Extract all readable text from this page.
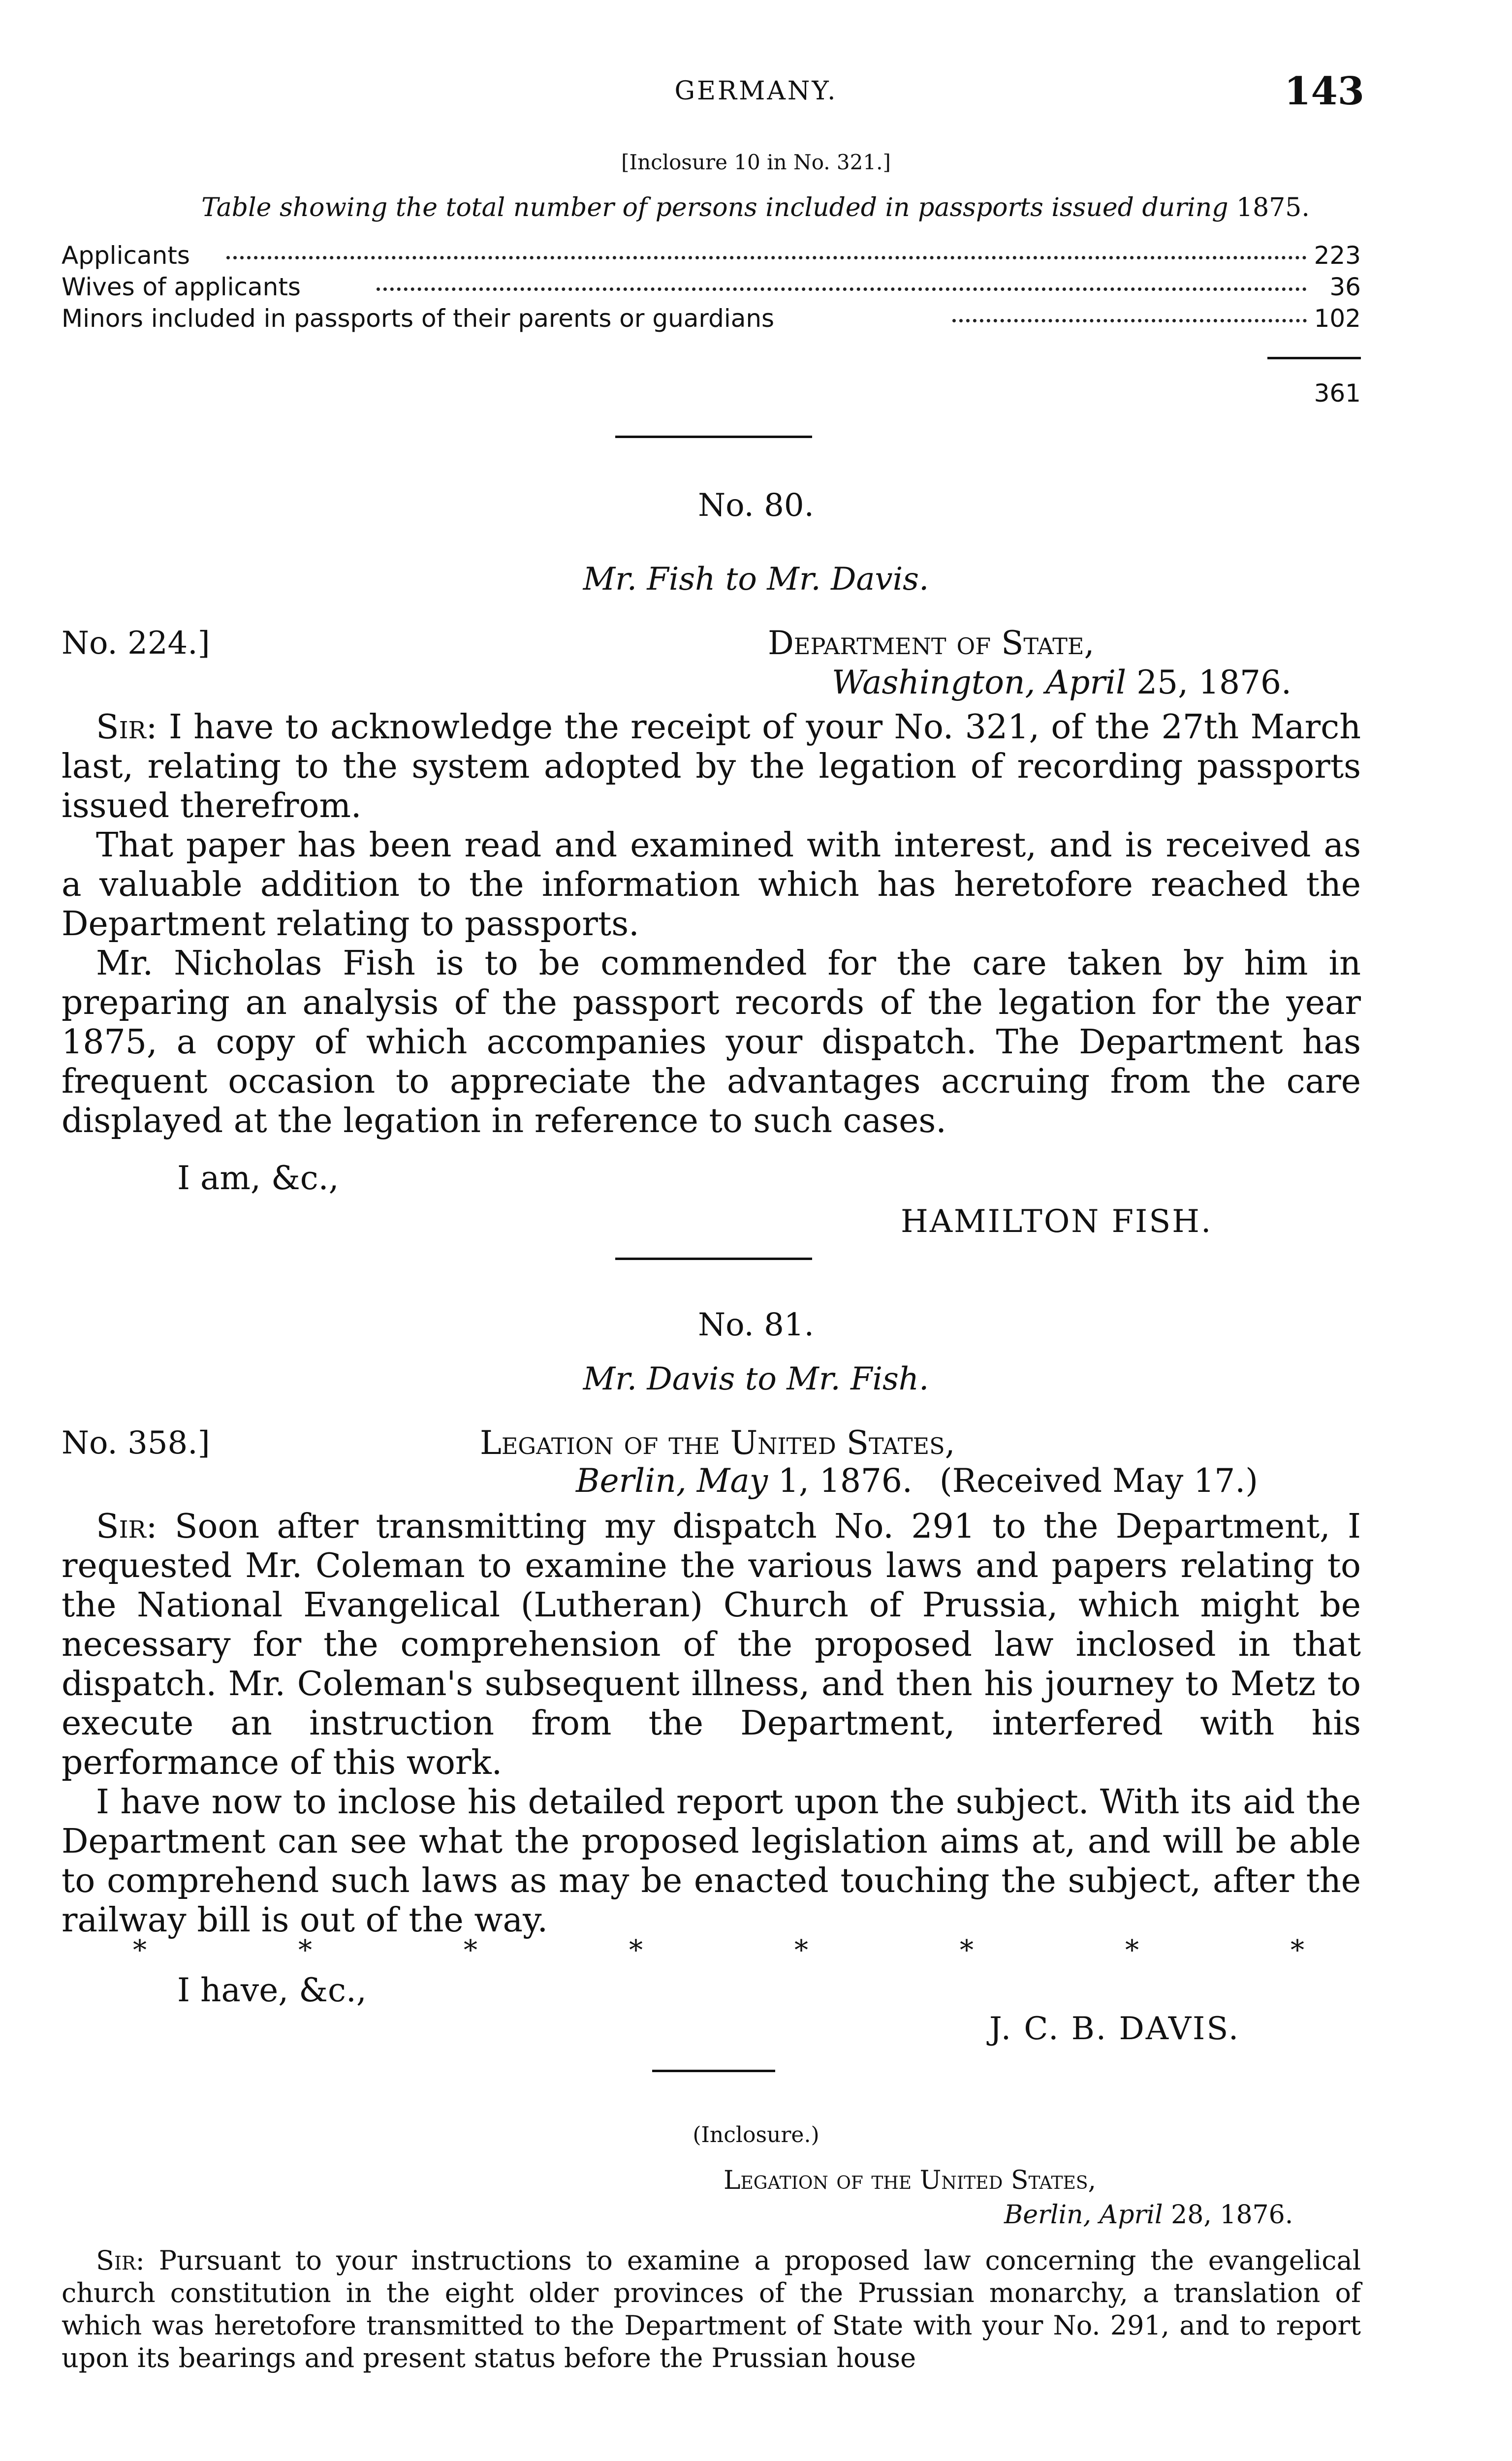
GERMANY.	143
[Inclosure 10 in No. 321.]
Table showing the total number of persons included in passports issued during 1875.
Applicants	223
Wives of applicants	36
Minors included in passports of their parents or guardians	102
361
No. 80.
Mr. Fish to Mr. Davis.
No. 224.]	Department of State,
Washington, April 25, 1876.

Sir: I have to acknowledge the receipt of your No. 321, of the 27th March last, relating to the system adopted by the legation of recording passports issued therefrom.

That paper has been read and examined with interest, and is received as a valuable addition to the information which has heretofore reached the Department relating to passports.

Mr. Nicholas Fish is to be commended for the care taken by him in preparing an analysis of the passport records of the legation for the year 1875, a copy of which accompanies your dispatch. The Department has frequent occasion to appreciate the advantages accruing from the care displayed at the legation in reference to such cases.

I am, &c.,
HAMILTON FISH.
No. 81.
Mr. Davis to Mr. Fish.
No. 358.]	Legation of the United States,
Berlin, May 1, 1876. (Received May 17.)

Sir: Soon after transmitting my dispatch No. 291 to the Department, I requested Mr. Coleman to examine the various laws and papers relating to the National Evangelical (Lutheran) Church of Prussia, which might be necessary for the comprehension of the proposed law inclosed in that dispatch. Mr. Coleman's subsequent illness, and then his journey to Metz to execute an instruction from the Department, interfered with his performance of this work.

I have now to inclose his detailed report upon the subject. With its aid the Department can see what the proposed legislation aims at, and will be able to comprehend such laws as may be enacted touching the subject, after the railway bill is out of the way.

*	*	*	*	*	*	*	*
I have, &c.,
J. C. B. DAVIS.
(Inclosure.)
Legation of the United States,
Berlin, April 28, 1876.

Sir: Pursuant to your instructions to examine a proposed law concerning the evangelical church constitution in the eight older provinces of the Prussian monarchy, a translation of which was heretofore transmitted to the Department of State with your No. 291, and to report upon its bearings and present status before the Prussian house
